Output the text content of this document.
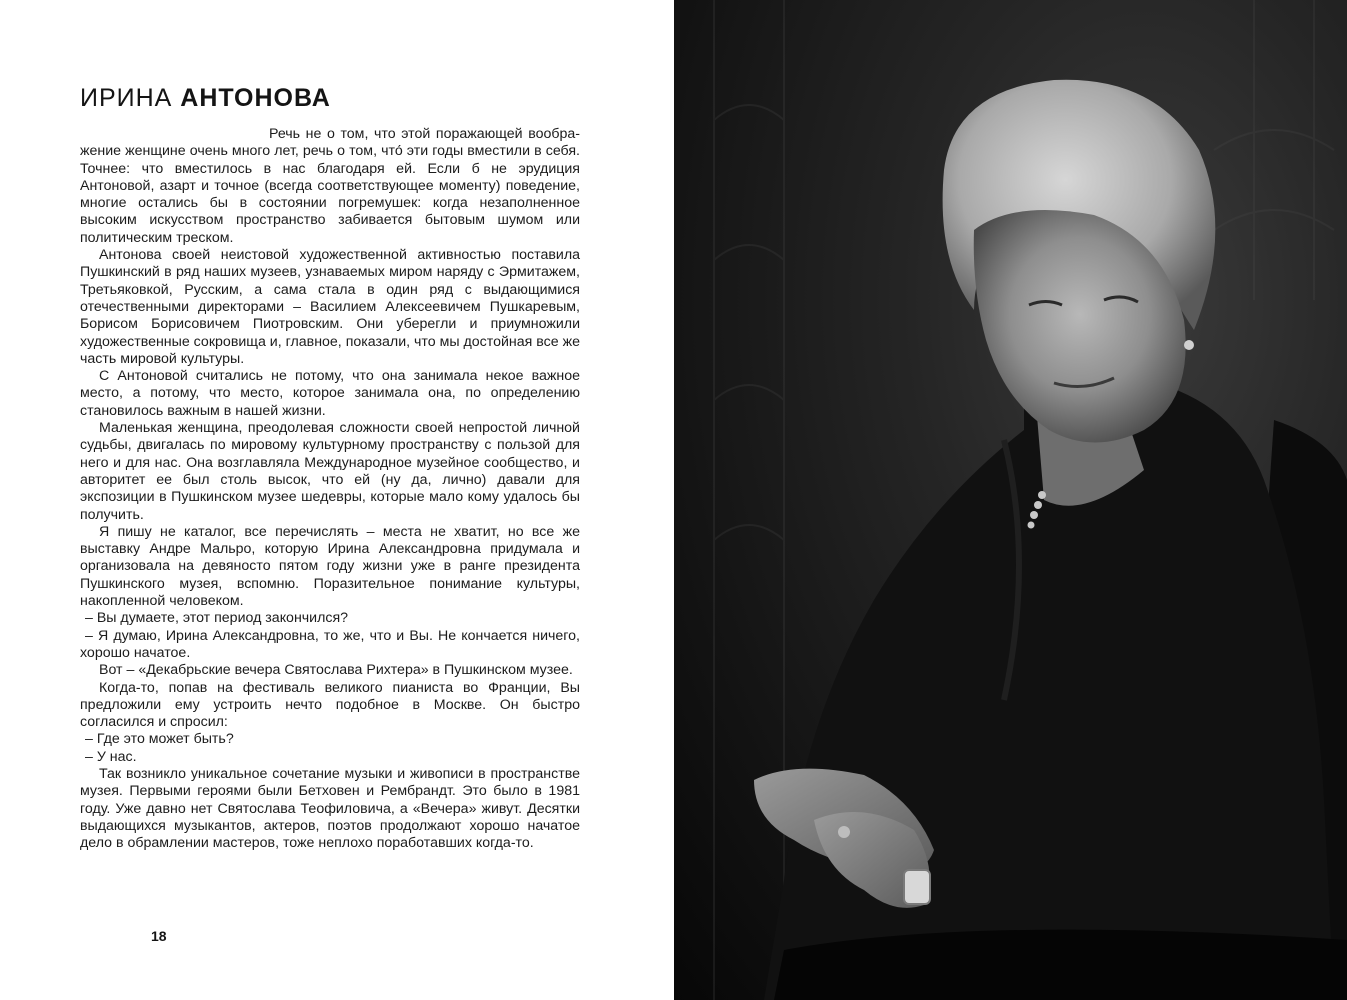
ИРИНА АНТОНОВА

Речь не о том, что этой поражающей воображение женщине очень много лет, речь о том, что́ эти годы вместили в себя. Точнее: что вместилось в нас благодаря ей. Если б не эрудиция Антоновой, азарт и точное (всегда соответствующее моменту) поведение, многие остались бы в состоянии погремушек: когда незаполненное высоким искусством пространство забивается бытовым шумом или политическим треском.

Антонова своей неистовой художественной активностью поставила Пушкинский в ряд наших музеев, узнаваемых миром наряду с Эрмитажем, Третьяковкой, Русским, а сама стала в один ряд с выдающимися отечественными директорами – Василием Алексеевичем Пушкаревым, Борисом Борисовичем Пиотровским. Они уберегли и приумножили художественные сокровища и, главное, показали, что мы достойная все же часть мировой культуры.

С Антоновой считались не потому, что она занимала некое важное место, а потому, что место, которое занимала она, по определению становилось важным в нашей жизни.

Маленькая женщина, преодолевая сложности своей непростой личной судьбы, двигалась по мировому культурному пространству с пользой для него и для нас. Она возглавляла Международное музейное сообщество, и авторитет ее был столь высок, что ей (ну да, лично) давали для экспозиции в Пушкинском музее шедевры, которые мало кому удалось бы получить.

Я пишу не каталог, все перечислять – места не хватит, но все же выставку Андре Мальро, которую Ирина Александровна придумала и организовала на девяносто пятом году жизни уже в ранге президента Пушкинского музея, вспомню. Поразительное понимание культуры, накопленной человеком.

– Вы думаете, этот период закончился?

– Я думаю, Ирина Александровна, то же, что и Вы. Не кончается ничего, хорошо начатое.

Вот – «Декабрьские вечера Святослава Рихтера» в Пушкинском музее.

Когда-то, попав на фестиваль великого пианиста во Франции, Вы предложили ему устроить нечто подобное в Москве. Он быстро согласился и спросил:

– Где это может быть?

– У нас.

Так возникло уникальное сочетание музыки и живописи в пространстве музея. Первыми героями были Бетховен и Рембрандт. Это было в 1981 году. Уже давно нет Святослава Теофиловича, а «Вечера» живут. Десятки выдающихся музыкантов, актеров, поэтов продолжают хорошо начатое дело в обрамлении мастеров, тоже неплохо поработавших когда-то.

18
